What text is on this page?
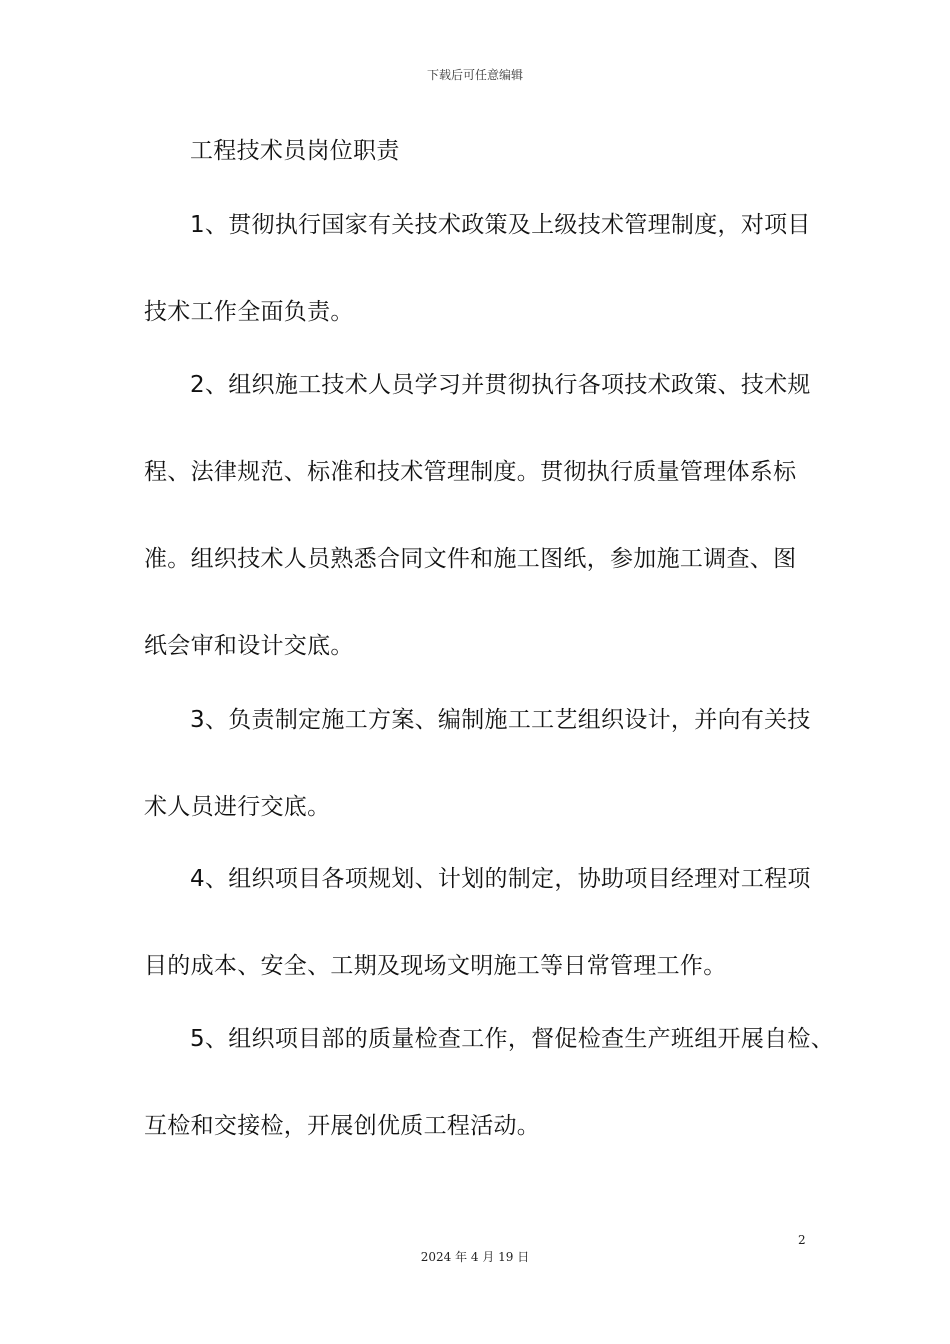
下载后可任意编辑
工程技术员岗位职责
1、贯彻执行国家有关技术政策及上级技术管理制度，对项目
技术工作全面负责。
2、组织施工技术人员学习并贯彻执行各项技术政策、技术规
程、法律规范、标准和技术管理制度。贯彻执行质量管理体系标
准。组织技术人员熟悉合同文件和施工图纸，参加施工调查、图
纸会审和设计交底。
3、负责制定施工方案、编制施工工艺组织设计，并向有关技
术人员进行交底。
4、组织项目各项规划、计划的制定，协助项目经理对工程项
目的成本、安全、工期及现场文明施工等日常管理工作。
5、组织项目部的质量检查工作，督促检查生产班组开展自检、
互检和交接检，开展创优质工程活动。
2
2024 年 4 月 19 日
